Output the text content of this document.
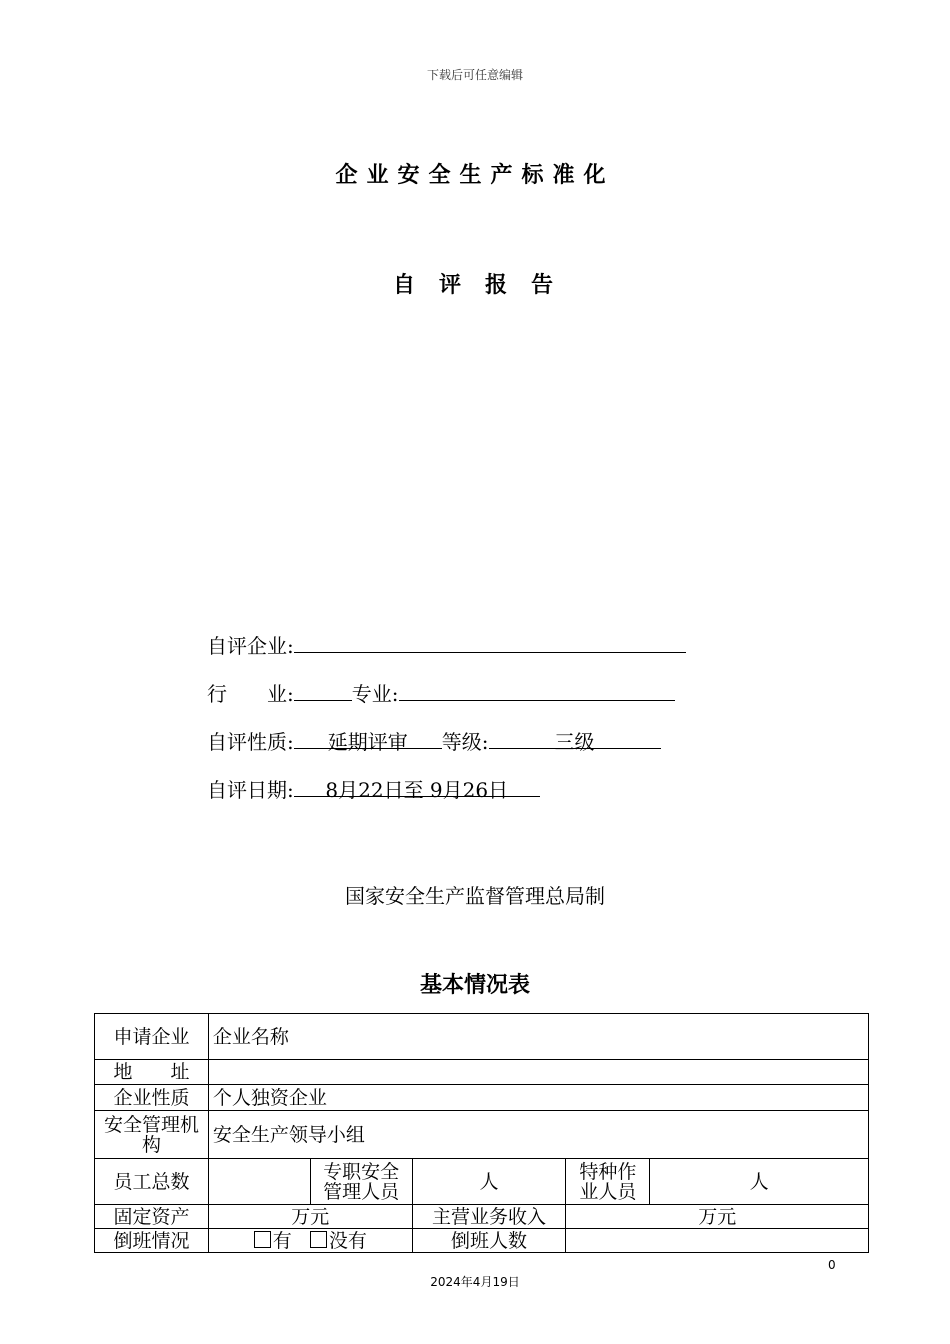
下载后可任意编辑
企业安全生产标准化
自评报告
自评企业:
行　　业:	专业:
自评性质: 延期评审 等级:	三级
自评日期: 8月22日至 9月26日
国家安全生产监督管理总局制
基本情况表
申请企业	企业名称				
地　　址					
企业性质	个人独资企业				
安全管理机构	安全生产领导小组				
员工总数		专职安全管理人员	人	特种作业人员	人
固定资产	万元		主营业务收入	万元	
倒班情况	有 没有		倒班人数		
0
2024年4月19日
